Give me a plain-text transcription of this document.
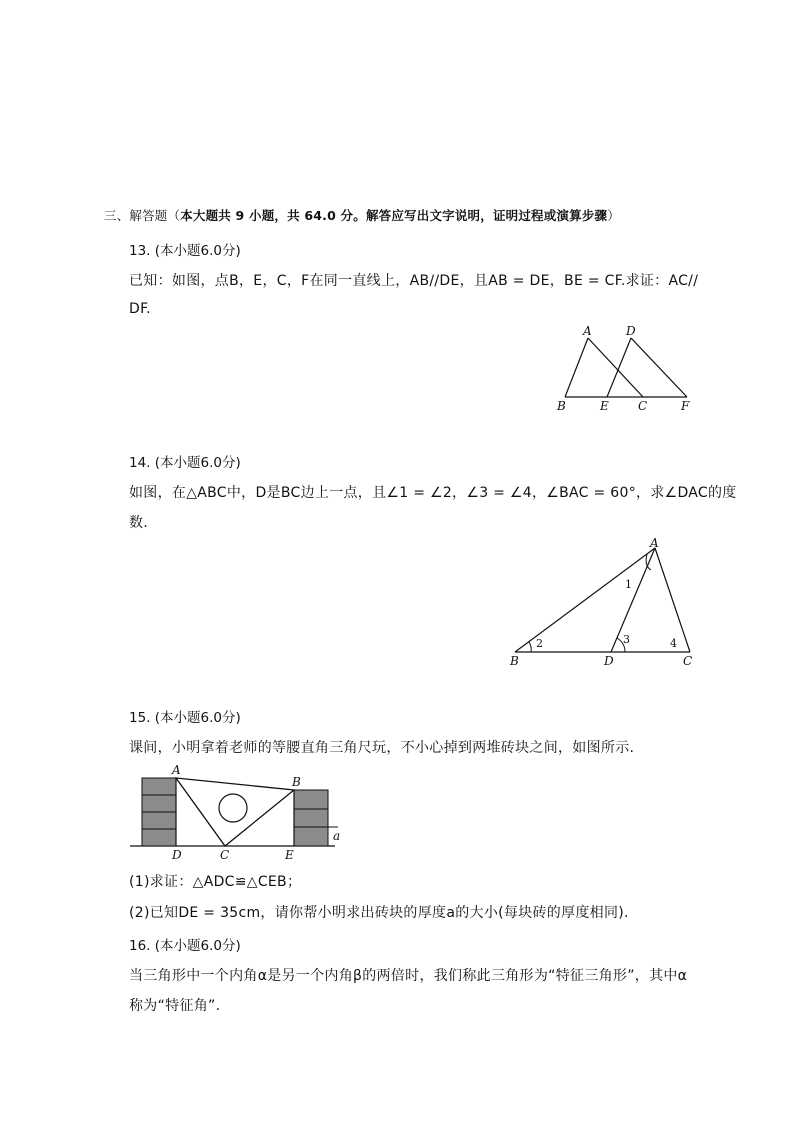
三、解答题（本大题共 9 小题，共 64.0 分。解答应写出文字说明，证明过程或演算步骤）
13. (本小题6.0分)
已知：如图，点B，E，C，F在同一直线上，AB//DE，且AB = DE，BE = CF.求证：AC//
DF.
A	D
B	E C	F
14. (本小题6.0分)
如图，在△ABC中，D是BC边上一点，且∠1 = ∠2，∠3 = ∠4，∠BAC = 60°，求∠DAC的度
数.
A
B	D	C
1
2	3	4
15. (本小题6.0分)
课间，小明拿着老师的等腰直角三角尺玩，不小心掉到两堆砖块之间，如图所示.
A
B
D	C	E
a
(1)求证：△ADC≌△CEB；
(2)已知DE = 35cm，请你帮小明求出砖块的厚度a的大小(每块砖的厚度相同).
16. (本小题6.0分)
当三角形中一个内角α是另一个内角β的两倍时，我们称此三角形为“特征三角形”，其中α
称为“特征角”.
